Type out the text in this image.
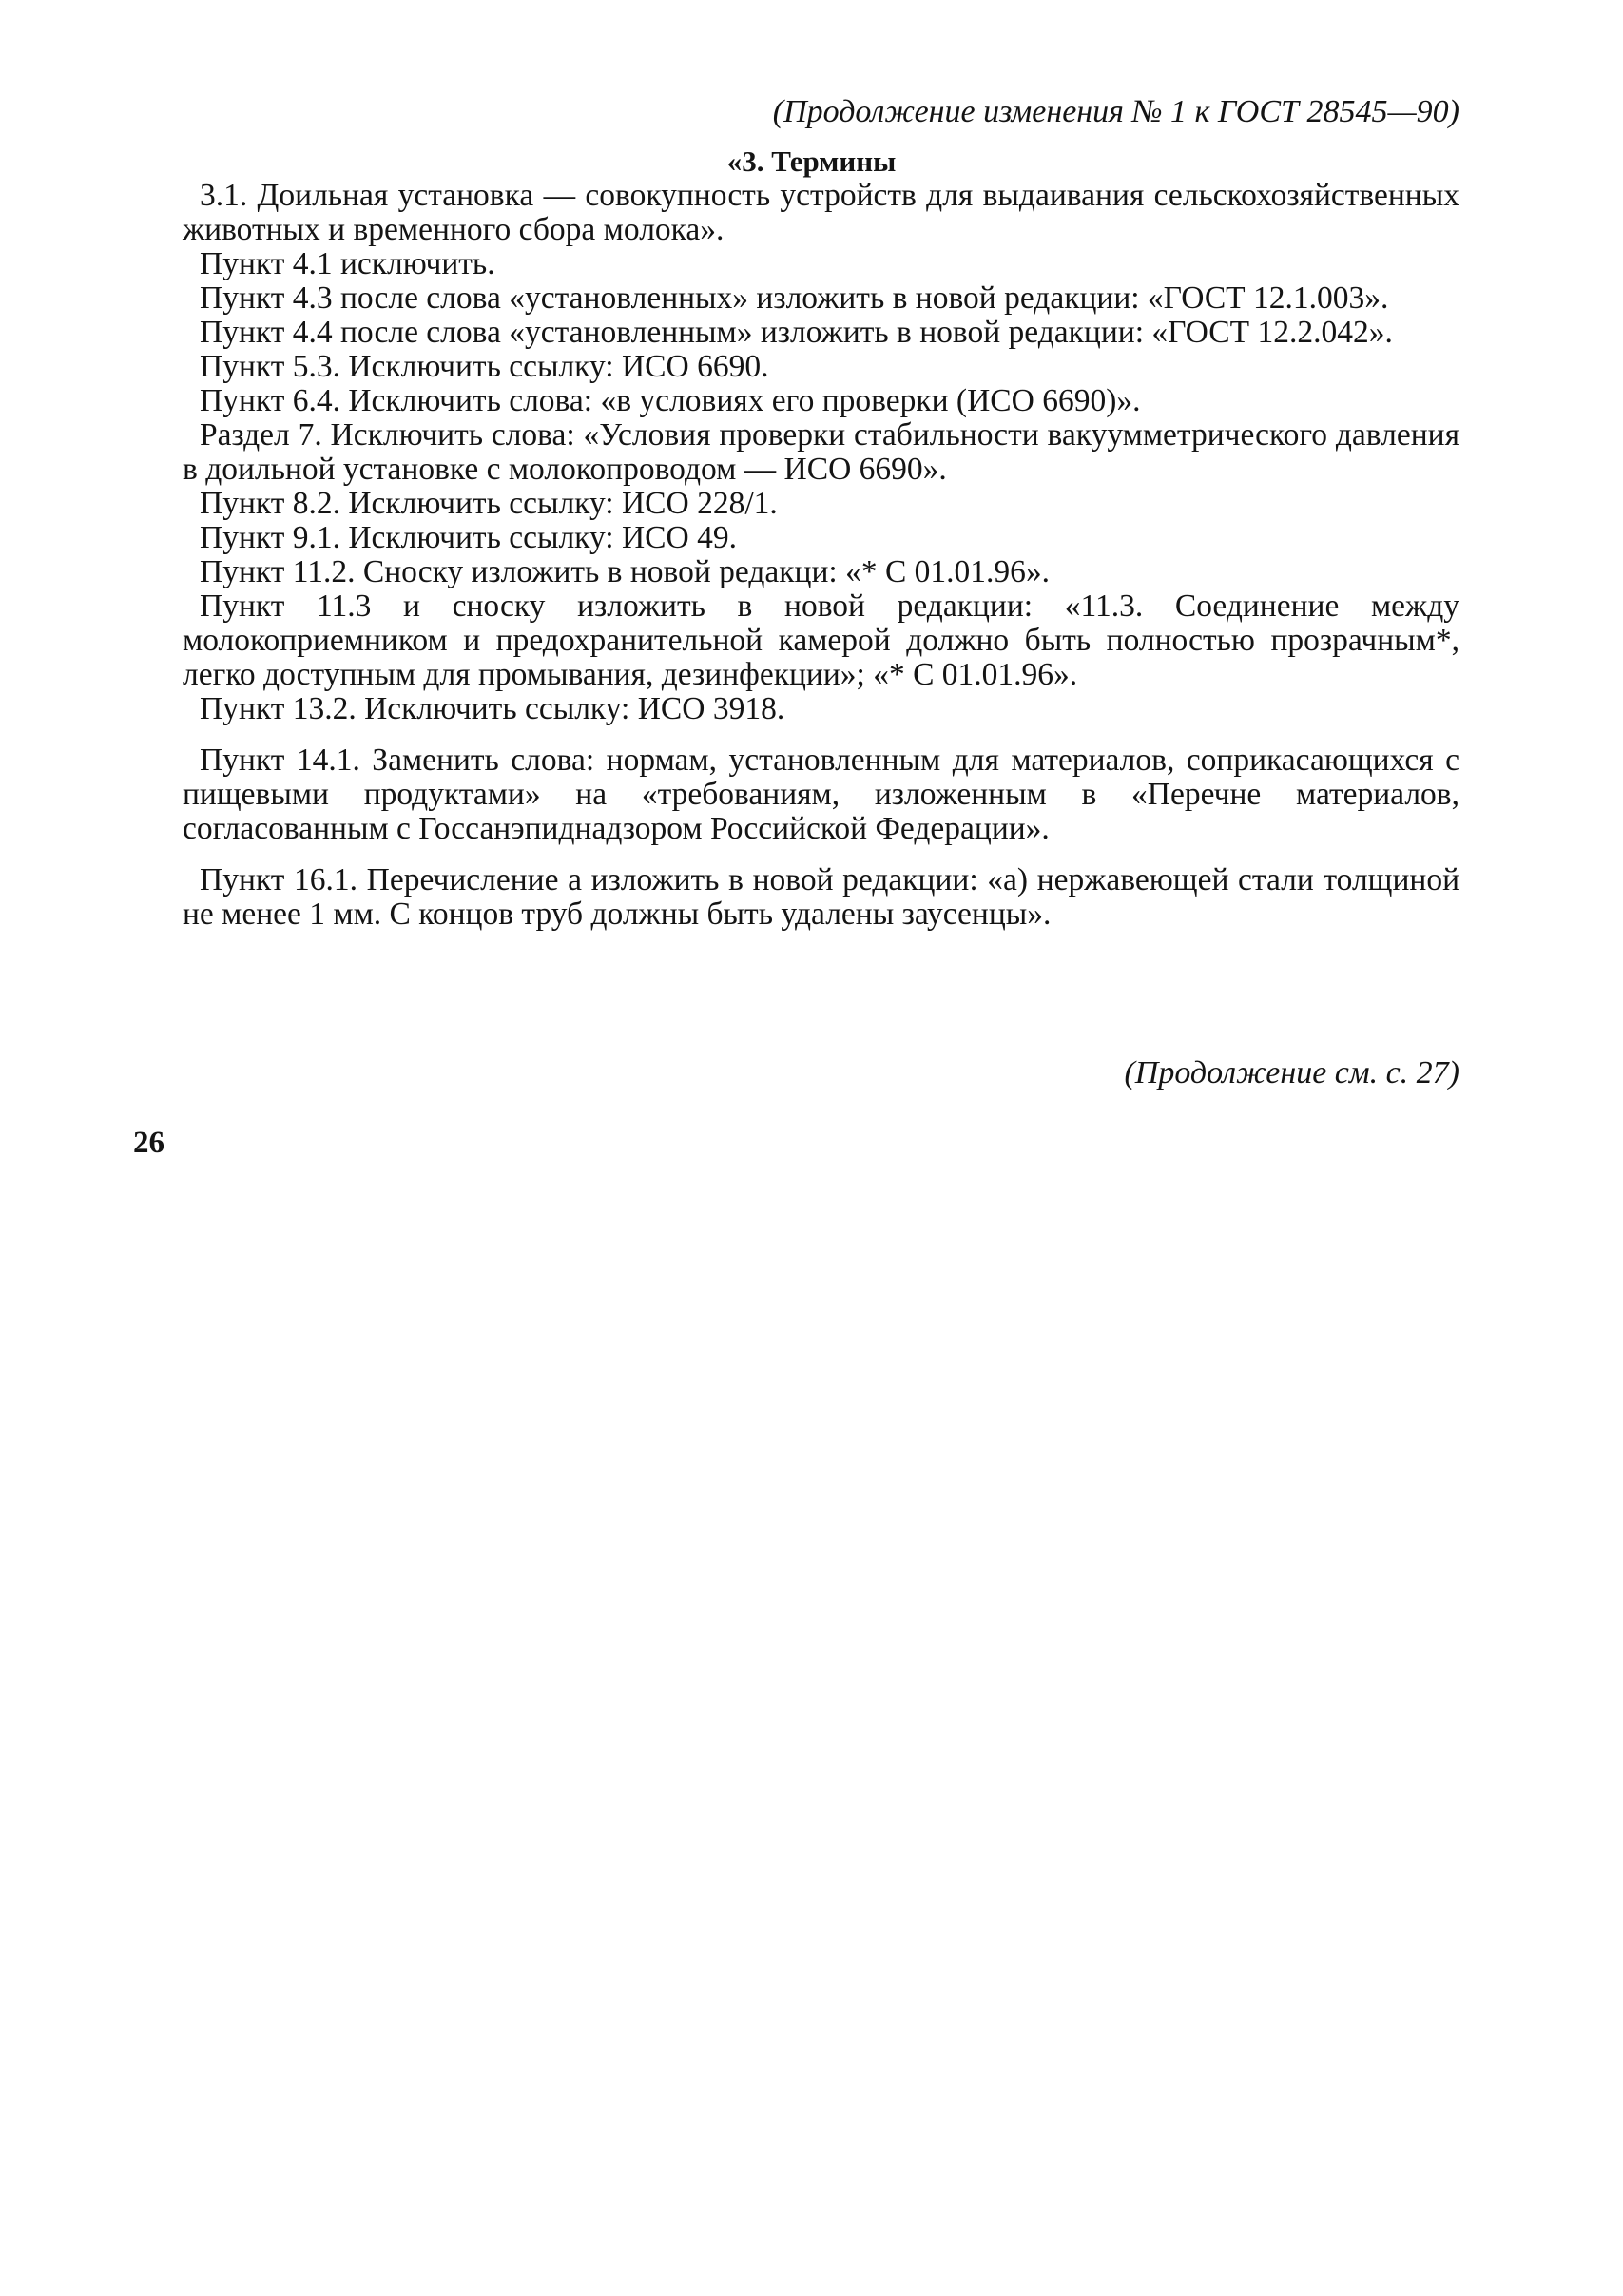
(Продолжение изменения № 1 к ГОСТ 28545—90)
«3. Термины

3.1. Доильная установка — совокупность устройств для выдаивания сельскохозяйственных животных и временного сбора молока».

Пункт 4.1 исключить.

Пункт 4.3 после слова «установленных» изложить в новой редакции: «ГОСТ 12.1.003».

Пункт 4.4 после слова «установленным» изложить в новой редакции: «ГОСТ 12.2.042».

Пункт 5.3. Исключить ссылку: ИСО 6690.

Пункт 6.4. Исключить слова: «в условиях его проверки (ИСО 6690)».

Раздел 7. Исключить слова: «Условия проверки стабильности вакуумметрического давления в доильной установке с молокопроводом — ИСО 6690».

Пункт 8.2. Исключить ссылку: ИСО 228/1.

Пункт 9.1. Исключить ссылку: ИСО 49.

Пункт 11.2. Сноску изложить в новой редакци: «* С 01.01.96».

Пункт 11.3 и сноску изложить в новой редакции: «11.3. Соединение между молокоприемником и предохранительной камерой должно быть полностью прозрачным*, легко доступным для промывания, дезинфекции»; «* С 01.01.96».

Пункт 13.2. Исключить ссылку: ИСО 3918.

Пункт 14.1. Заменить слова: нормам, установленным для материалов, соприкасающихся с пищевыми продуктами» на «требованиям, изложенным в «Перечне материалов, согласованным с Госсанэпиднадзором Российской Федерации».

Пункт 16.1. Перечисление а изложить в новой редакции: «а) нержавеющей стали толщиной не менее 1 мм. С концов труб должны быть удалены заусенцы».

(Продолжение см. с. 27)
26
